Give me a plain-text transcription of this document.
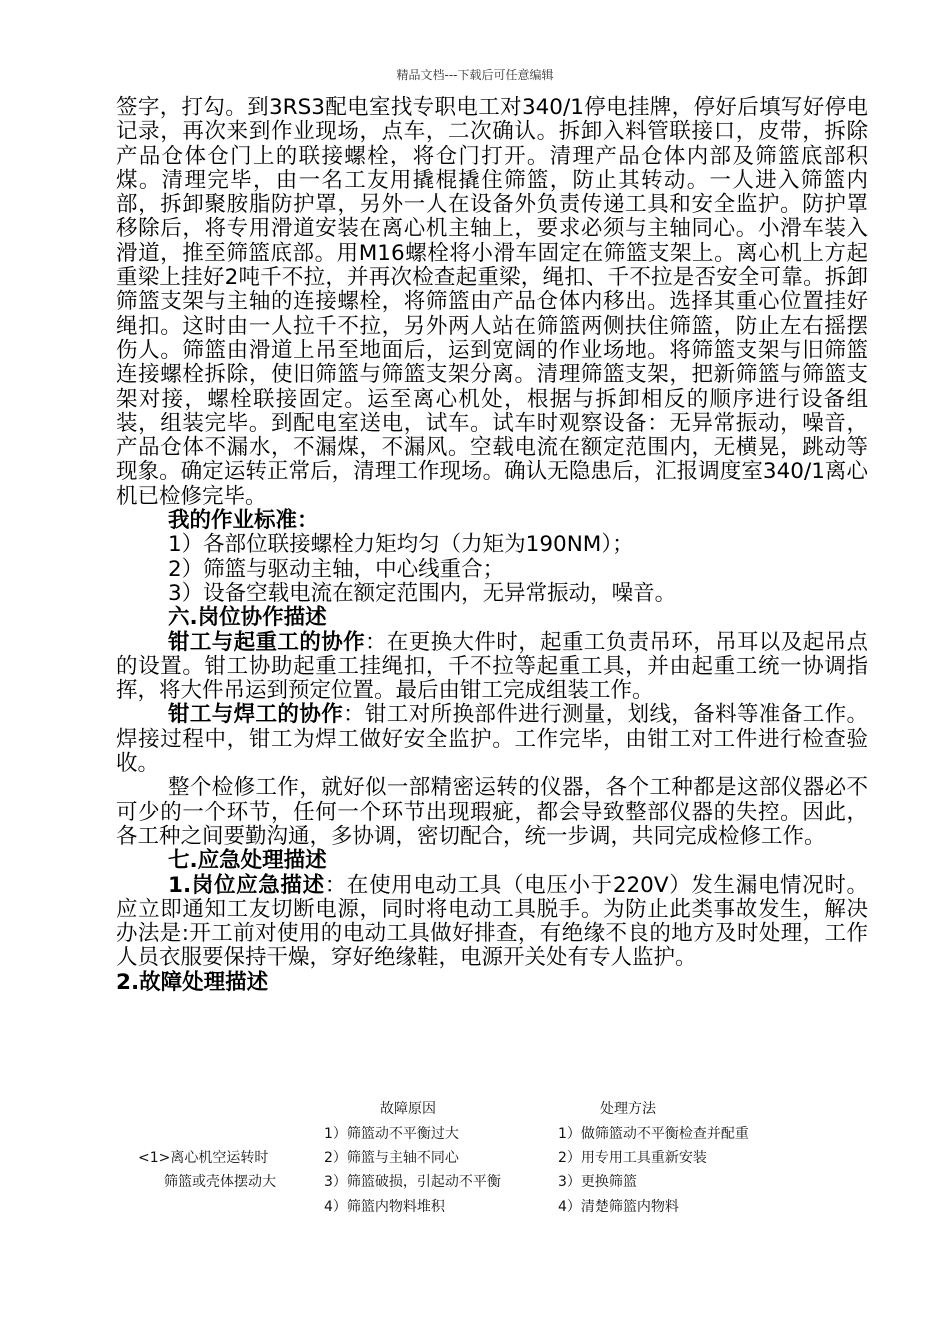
精品文档---下载后可任意编辑

签字，打勾。到3RS3配电室找专职电工对340/1停电挂牌，停好后填写好停电记录，再次来到作业现场，点车，二次确认。拆卸入料管联接口，皮带，拆除产品仓体仓门上的联接螺栓，将仓门打开。清理产品仓体内部及筛篮底部积煤。清理完毕，由一名工友用撬棍撬住筛篮，防止其转动。一人进入筛篮内部，拆卸聚胺脂防护罩，另外一人在设备外负责传递工具和安全监护。防护罩移除后，将专用滑道安装在离心机主轴上，要求必须与主轴同心。小滑车装入滑道，推至筛篮底部。用M16螺栓将小滑车固定在筛篮支架上。离心机上方起重梁上挂好2吨千不拉，并再次检查起重梁，绳扣、千不拉是否安全可靠。拆卸筛篮支架与主轴的连接螺栓，将筛篮由产品仓体内移出。选择其重心位置挂好绳扣。这时由一人拉千不拉，另外两人站在筛篮两侧扶住筛篮，防止左右摇摆伤人。筛篮由滑道上吊至地面后，运到宽阔的作业场地。将筛篮支架与旧筛篮连接螺栓拆除，使旧筛篮与筛篮支架分离。清理筛篮支架，把新筛篮与筛篮支架对接，螺栓联接固定。运至离心机处，根据与拆卸相反的顺序进行设备组装，组装完毕。到配电室送电，试车。试车时观察设备：无异常振动，噪音，产品仓体不漏水，不漏煤，不漏风。空载电流在额定范围内，无横晃，跳动等现象。确定运转正常后，清理工作现场。确认无隐患后，汇报调度室340/1离心机已检修完毕。

我的作业标准：

1）各部位联接螺栓力矩均匀（力矩为190NM）；

2）筛篮与驱动主轴，中心线重合；

3）设备空载电流在额定范围内，无异常振动，噪音。

六.岗位协作描述

钳工与起重工的协作：在更换大件时，起重工负责吊环，吊耳以及起吊点的设置。钳工协助起重工挂绳扣，千不拉等起重工具，并由起重工统一协调指挥，将大件吊运到预定位置。最后由钳工完成组装工作。

钳工与焊工的协作：钳工对所换部件进行测量，划线，备料等准备工作。焊接过程中，钳工为焊工做好安全监护。工作完毕，由钳工对工件进行检查验收。

整个检修工作，就好似一部精密运转的仪器，各个工种都是这部仪器必不可少的一个环节，任何一个环节出现瑕疵，都会导致整部仪器的失控。因此，各工种之间要勤沟通，多协调，密切配合，统一步调，共同完成检修工作。

七.应急处理描述

1.岗位应急描述：在使用电动工具（电压小于220V）发生漏电情况时。应立即通知工友切断电源，同时将电动工具脱手。为防止此类事故发生，解决办法是:开工前对使用的电动工具做好排查，有绝缘不良的地方及时处理，工作人员衣服要保持干燥，穿好绝缘鞋，电源开关处有专人监护。

2.故障处理描述

故障原因	处理方法
<1>离心机空运转时
筛篮或壳体摆动大
1）筛篮动不平衡过大
2）筛篮与主轴不同心
3）筛篮破损，引起动不平衡
4）筛篮内物料堆积
1）做筛篮动不平衡检查并配重
2）用专用工具重新安装
3）更换筛篮
4）清楚筛篮内物料
